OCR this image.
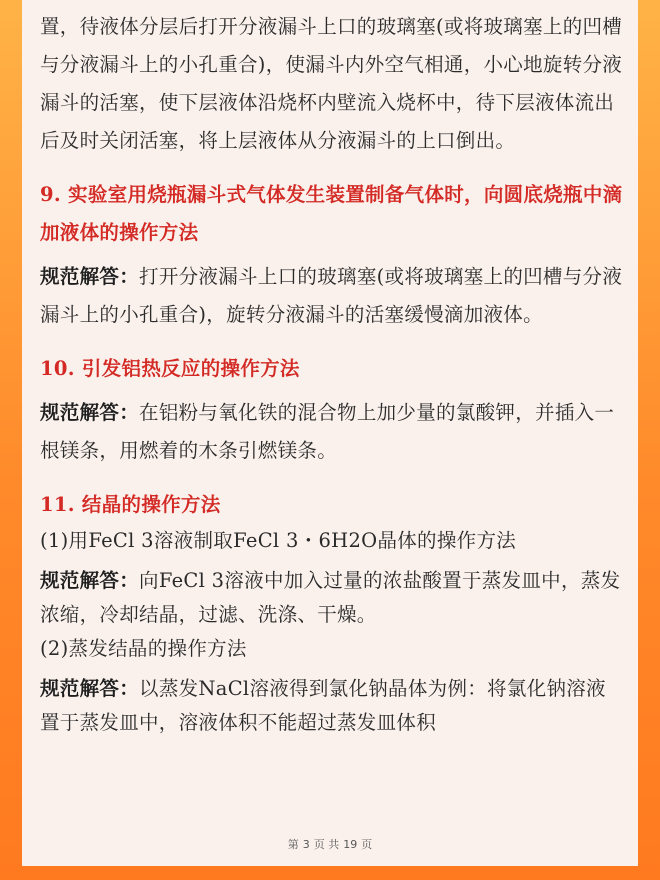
置，待液体分层后打开分液漏斗上口的玻璃塞(或将玻璃塞上的凹槽与分液漏斗上的小孔重合)，使漏斗内外空气相通，小心地旋转分液漏斗的活塞，使下层液体沿烧杯内壁流入烧杯中，待下层液体流出后及时关闭活塞，将上层液体从分液漏斗的上口倒出。

9. 实验室用烧瓶漏斗式气体发生装置制备气体时，向圆底烧瓶中滴加液体的操作方法

规范解答：打开分液漏斗上口的玻璃塞(或将玻璃塞上的凹槽与分液漏斗上的小孔重合)，旋转分液漏斗的活塞缓慢滴加液体。

10. 引发铝热反应的操作方法

规范解答：在铝粉与氧化铁的混合物上加少量的氯酸钾，并插入一根镁条，用燃着的木条引燃镁条。

11. 结晶的操作方法

(1)用FeCl 3溶液制取FeCl 3・6H2O晶体的操作方法

规范解答：向FeCl 3溶液中加入过量的浓盐酸置于蒸发皿中，蒸发浓缩，冷却结晶，过滤、洗涤、干燥。

(2)蒸发结晶的操作方法

规范解答：以蒸发NaCl溶液得到氯化钠晶体为例：将氯化钠溶液置于蒸发皿中，溶液体积不能超过蒸发皿体积

第 3 页 共 19 页
